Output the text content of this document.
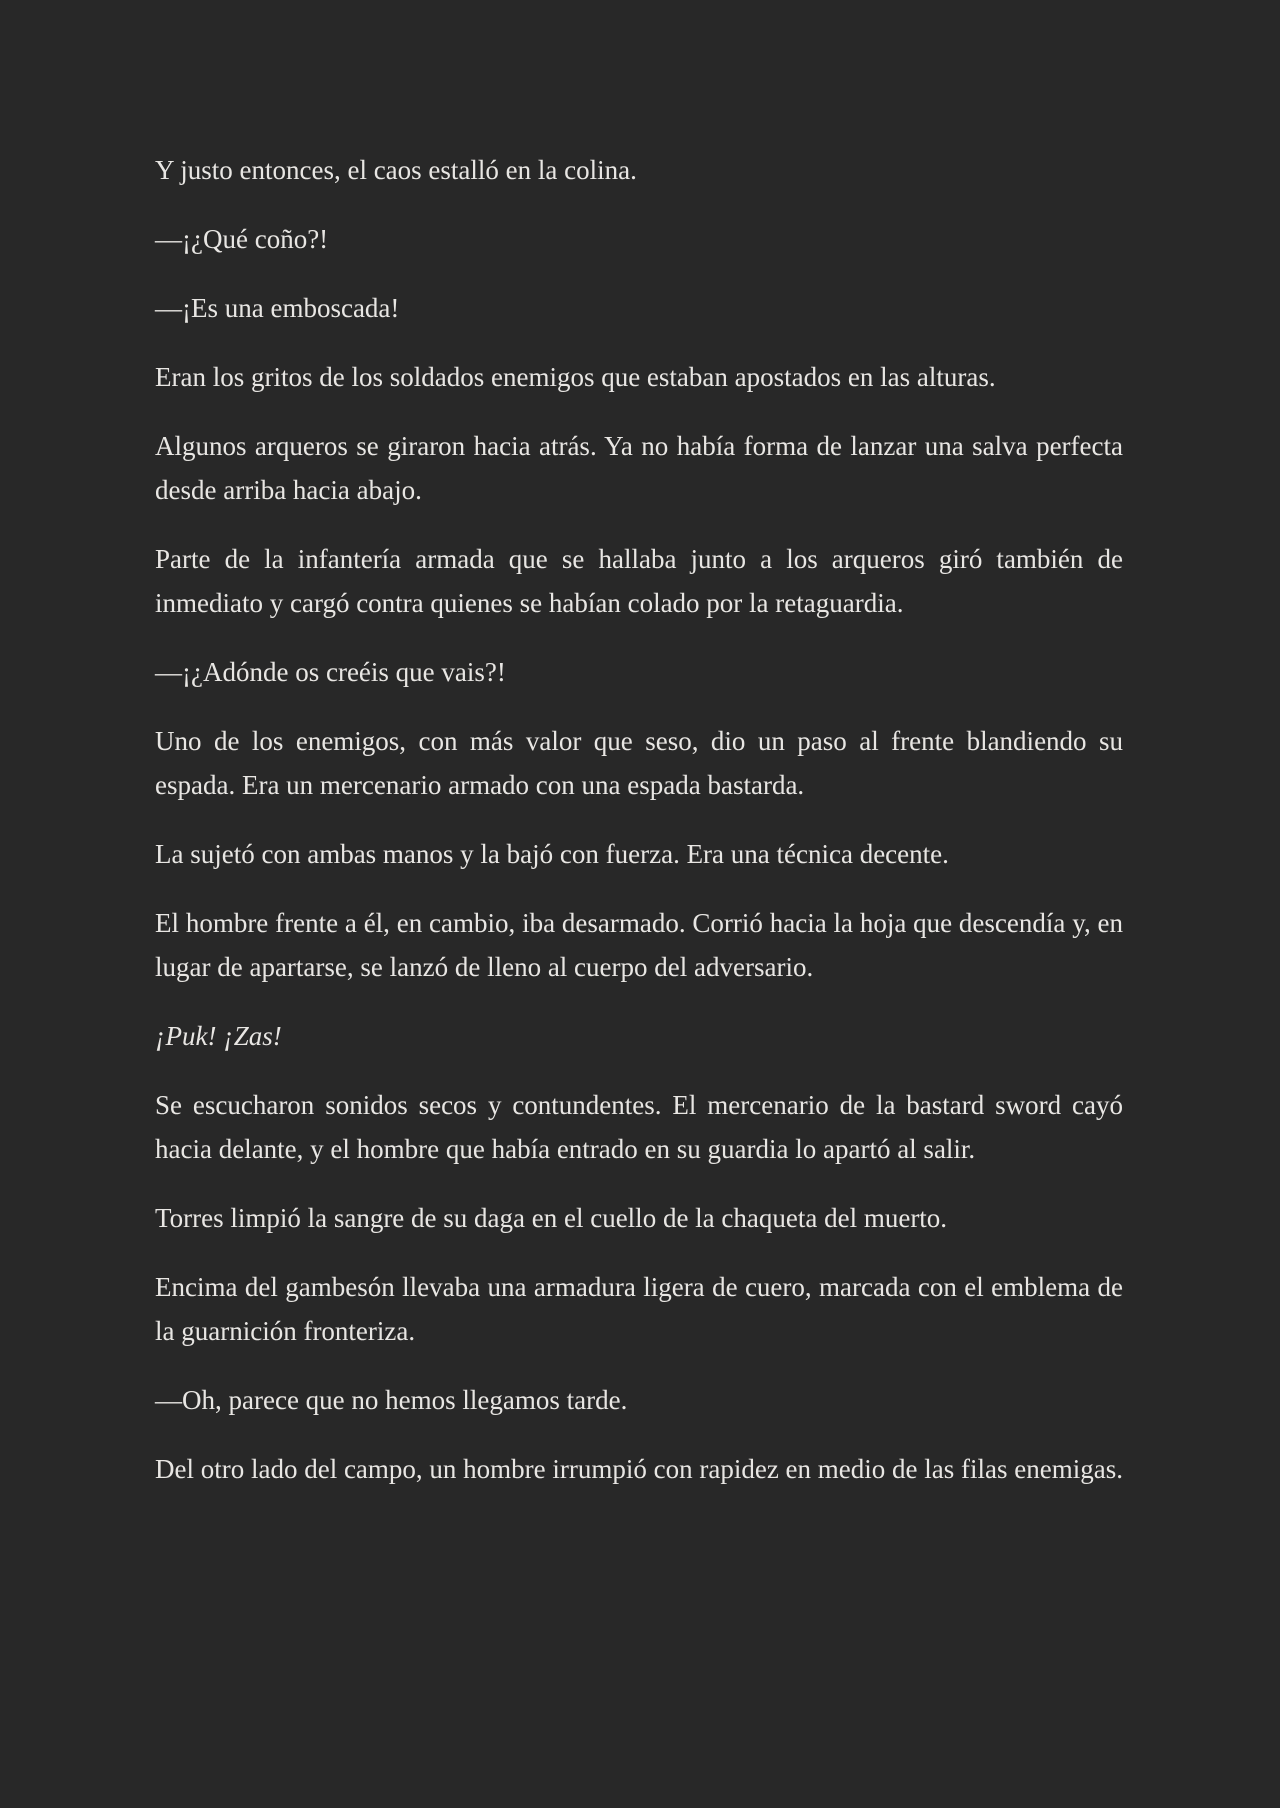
Y justo entonces, el caos estalló en la colina.

—¡¿Qué coño?!

—¡Es una emboscada!

Eran los gritos de los soldados enemigos que estaban apostados en las alturas.

Algunos arqueros se giraron hacia atrás. Ya no había forma de lanzar una salva perfecta desde arriba hacia abajo.

Parte de la infantería armada que se hallaba junto a los arqueros giró también de inmediato y cargó contra quienes se habían colado por la retaguardia.

—¡¿Adónde os creéis que vais?!

Uno de los enemigos, con más valor que seso, dio un paso al frente blandiendo su espada. Era un mercenario armado con una espada bastarda.

La sujetó con ambas manos y la bajó con fuerza. Era una técnica decente.

El hombre frente a él, en cambio, iba desarmado. Corrió hacia la hoja que descendía y, en lugar de apartarse, se lanzó de lleno al cuerpo del adversario.

¡Puk! ¡Zas!

Se escucharon sonidos secos y contundentes. El mercenario de la bastard sword cayó hacia delante, y el hombre que había entrado en su guardia lo apartó al salir.

Torres limpió la sangre de su daga en el cuello de la chaqueta del muerto.

Encima del gambesón llevaba una armadura ligera de cuero, marcada con el emblema de la guarnición fronteriza.

—Oh, parece que no hemos llegamos tarde.

Del otro lado del campo, un hombre irrumpió con rapidez en medio de las filas enemigas.
